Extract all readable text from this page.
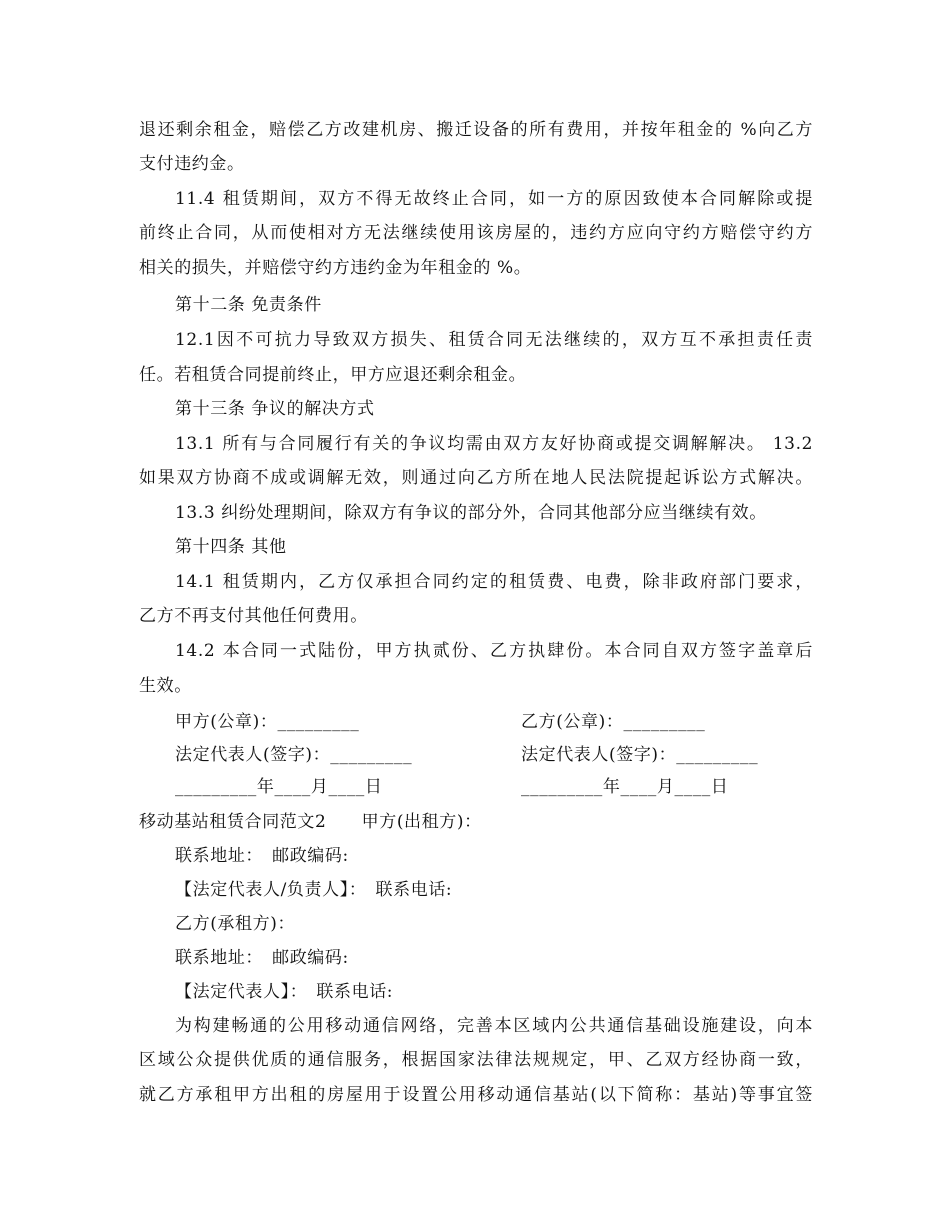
退还剩余租金，赔偿乙方改建机房、搬迁设备的所有费用，并按年租金的 %向乙方
支付违约金。
11.4 租赁期间，双方不得无故终止合同，如一方的原因致使本合同解除或提
前终止合同，从而使相对方无法继续使用该房屋的，违约方应向守约方赔偿守约方
相关的损失，并赔偿守约方违约金为年租金的 %。
第十二条 免责条件
12.1因不可抗力导致双方损失、租赁合同无法继续的，双方互不承担责任责
任。若租赁合同提前终止，甲方应退还剩余租金。
第十三条 争议的解决方式
13.1 所有与合同履行有关的争议均需由双方友好协商或提交调解解决。 13.2
如果双方协商不成或调解无效，则通过向乙方所在地人民法院提起诉讼方式解决。
13.3 纠纷处理期间，除双方有争议的部分外，合同其他部分应当继续有效。
第十四条 其他
14.1 租赁期内，乙方仅承担合同约定的租赁费、电费，除非政府部门要求，
乙方不再支付其他任何费用。
14.2 本合同一式陆份，甲方执贰份、乙方执肆份。本合同自双方签字盖章后
生效。
甲方(公章)：_________	乙方(公章)：_________
法定代表人(签字)：_________	法定代表人(签字)：_________
_________年____月____日	_________年____月____日
移动基站租赁合同范文2　　甲方(出租方)：
联系地址：　邮政编码:
【法定代表人/负责人】：　联系电话:
乙方(承租方)：
联系地址：　邮政编码:
【法定代表人】：　联系电话:
为构建畅通的公用移动通信网络，完善本区域内公共通信基础设施建设，向本
区域公众提供优质的通信服务，根据国家法律法规规定，甲、乙双方经协商一致，
就乙方承租甲方出租的房屋用于设置公用移动通信基站(以下简称：基站)等事宜签
